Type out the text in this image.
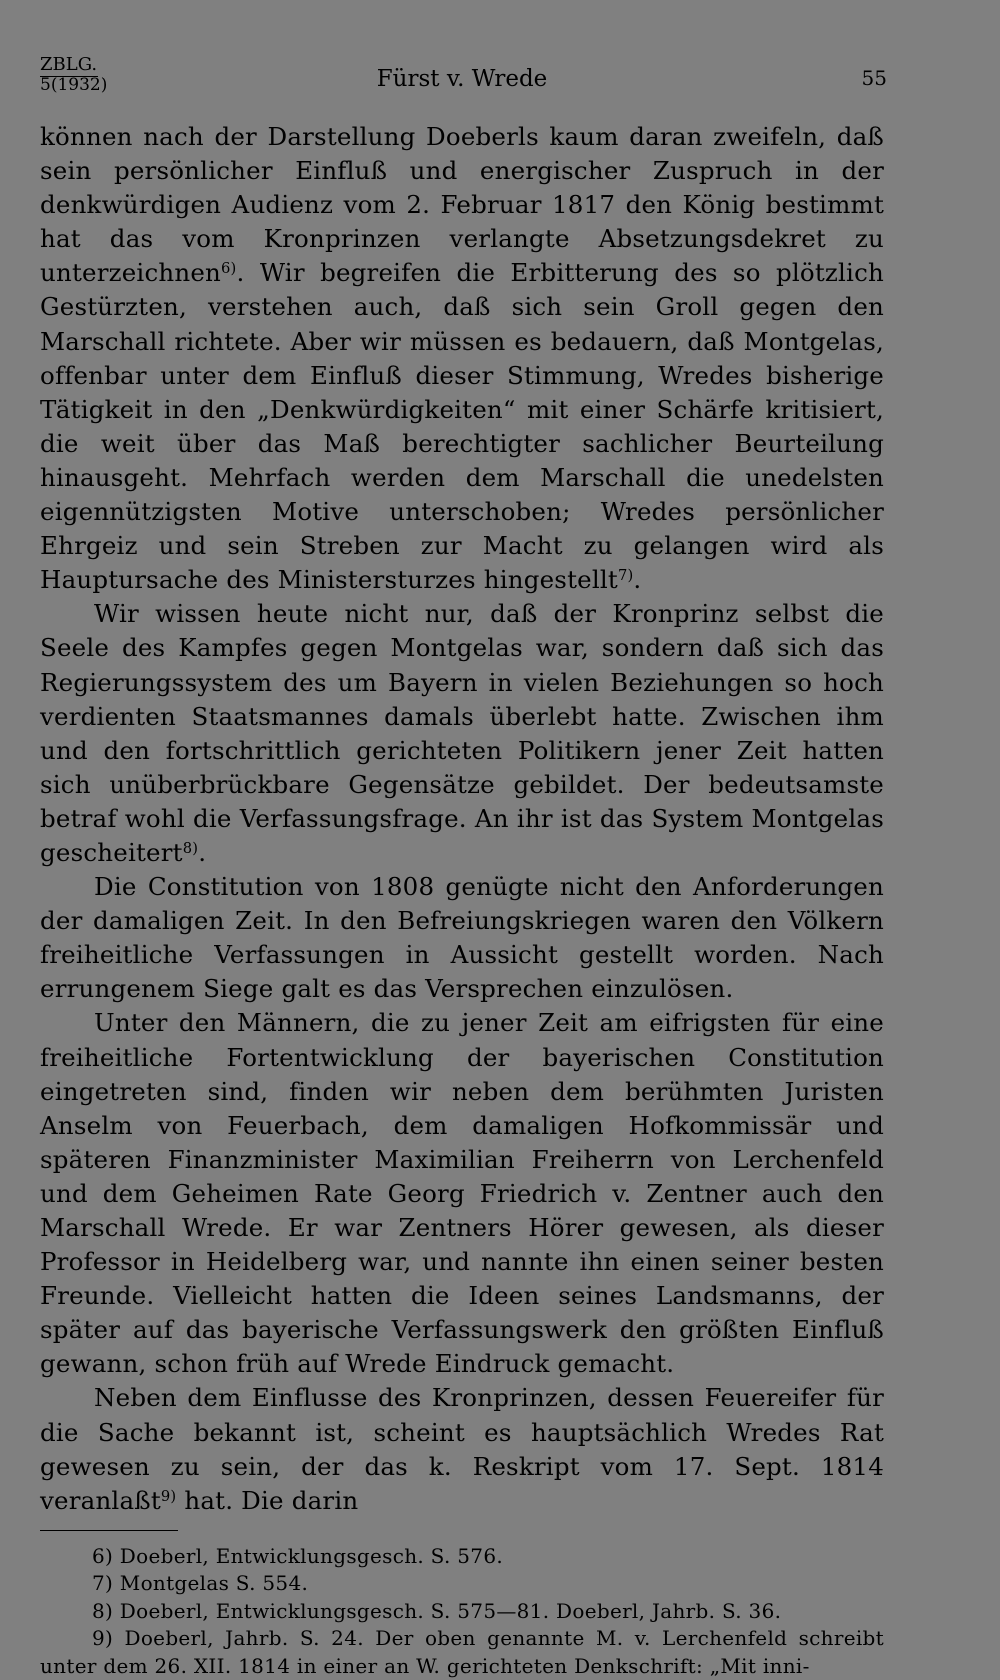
ZBLG.
5(1932)	Fürst v. Wrede	55

können nach der Darstellung Doeberls kaum daran zweifeln, daß sein persönlicher Einfluß und energischer Zuspruch in der denkwürdigen Audienz vom 2. Februar 1817 den König bestimmt hat das vom Kronprinzen verlangte Absetzungsdekret zu unterzeichnen$^{6)}$. Wir begreifen die Erbitterung des so plötzlich Gestürzten, verstehen auch, daß sich sein Groll gegen den Marschall richtete. Aber wir müssen es bedauern, daß Montgelas, offenbar unter dem Einfluß dieser Stimmung, Wredes bisherige Tätigkeit in den „Denkwürdigkeiten“ mit einer Schärfe kritisiert, die weit über das Maß berechtigter sachlicher Beurteilung hinausgeht. Mehrfach werden dem Marschall die unedelsten eigennützigsten Motive unterschoben; Wredes persönlicher Ehrgeiz und sein Streben zur Macht zu gelangen wird als Hauptursache des Ministersturzes hingestellt$^{7)}$.

Wir wissen heute nicht nur, daß der Kronprinz selbst die Seele des Kampfes gegen Montgelas war, sondern daß sich das Regierungssystem des um Bayern in vielen Beziehungen so hoch verdienten Staatsmannes damals überlebt hatte. Zwischen ihm und den fortschrittlich gerichteten Politikern jener Zeit hatten sich unüberbrückbare Gegensätze gebildet. Der bedeutsamste betraf wohl die Verfassungsfrage. An ihr ist das System Montgelas gescheitert$^{8)}$.

Die Constitution von 1808 genügte nicht den Anforderungen der damaligen Zeit. In den Befreiungskriegen waren den Völkern freiheitliche Verfassungen in Aussicht gestellt worden. Nach errungenem Siege galt es das Versprechen einzulösen.

Unter den Männern, die zu jener Zeit am eifrigsten für eine freiheitliche Fortentwicklung der bayerischen Constitution eingetreten sind, finden wir neben dem berühmten Juristen Anselm von Feuerbach, dem damaligen Hofkommissär und späteren Finanzminister Maximilian Freiherrn von Lerchenfeld und dem Geheimen Rate Georg Friedrich v. Zentner auch den Marschall Wrede. Er war Zentners Hörer gewesen, als dieser Professor in Heidelberg war, und nannte ihn einen seiner besten Freunde. Vielleicht hatten die Ideen seines Landsmanns, der später auf das bayerische Verfassungswerk den größten Einfluß gewann, schon früh auf Wrede Eindruck gemacht.

Neben dem Einflusse des Kronprinzen, dessen Feuereifer für die Sache bekannt ist, scheint es hauptsächlich Wredes Rat gewesen zu sein, der das k. Reskript vom 17. Sept. 1814 veranlaßt$^{9)}$ hat. Die darin

6) Doeberl, Entwicklungsgesch. S. 576.

7) Montgelas S. 554.

8) Doeberl, Entwicklungsgesch. S. 575—81. Doeberl, Jahrb. S. 36.

9) Doeberl, Jahrb. S. 24. Der oben genannte M. v. Lerchenfeld schreibt unter dem 26. XII. 1814 in einer an W. gerichteten Denkschrift: „Mit inni-
